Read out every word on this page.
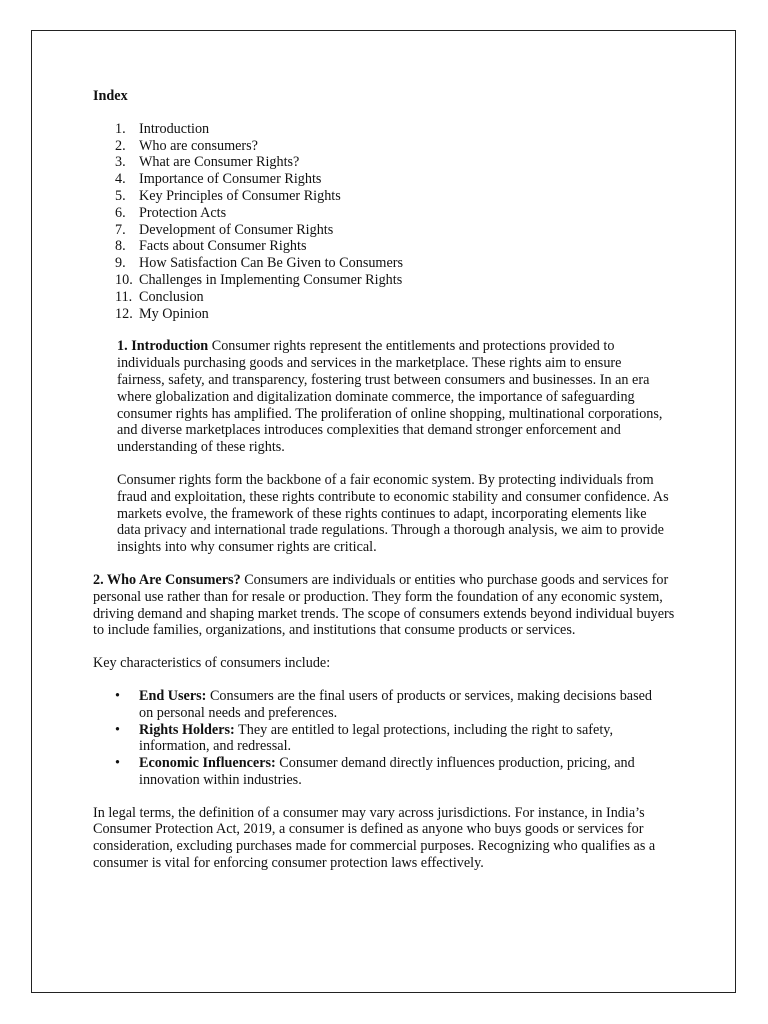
Index
1. Introduction
2. Who are consumers?
3. What are Consumer Rights?
4. Importance of Consumer Rights
5. Key Principles of Consumer Rights
6. Protection Acts
7. Development of Consumer Rights
8. Facts about Consumer Rights
9. How Satisfaction Can Be Given to Consumers
10. Challenges in Implementing Consumer Rights
11. Conclusion
12. My Opinion

1. Introduction Consumer rights represent the entitlements and protections provided to individuals purchasing goods and services in the marketplace. These rights aim to ensure fairness, safety, and transparency, fostering trust between consumers and businesses. In an era where globalization and digitalization dominate commerce, the importance of safeguarding consumer rights has amplified. The proliferation of online shopping, multinational corporations, and diverse marketplaces introduces complexities that demand stronger enforcement and understanding of these rights.

Consumer rights form the backbone of a fair economic system. By protecting individuals from fraud and exploitation, these rights contribute to economic stability and consumer confidence. As markets evolve, the framework of these rights continues to adapt, incorporating elements like data privacy and international trade regulations. Through a thorough analysis, we aim to provide insights into why consumer rights are critical.

2. Who Are Consumers? Consumers are individuals or entities who purchase goods and services for personal use rather than for resale or production. They form the foundation of any economic system, driving demand and shaping market trends. The scope of consumers extends beyond individual buyers to include families, organizations, and institutions that consume products or services.

Key characteristics of consumers include:

• End Users: Consumers are the final users of products or services, making decisions based on personal needs and preferences.
• Rights Holders: They are entitled to legal protections, including the right to safety, information, and redressal.
• Economic Influencers: Consumer demand directly influences production, pricing, and innovation within industries.

In legal terms, the definition of a consumer may vary across jurisdictions. For instance, in India’s Consumer Protection Act, 2019, a consumer is defined as anyone who buys goods or services for consideration, excluding purchases made for commercial purposes. Recognizing who qualifies as a consumer is vital for enforcing consumer protection laws effectively.
